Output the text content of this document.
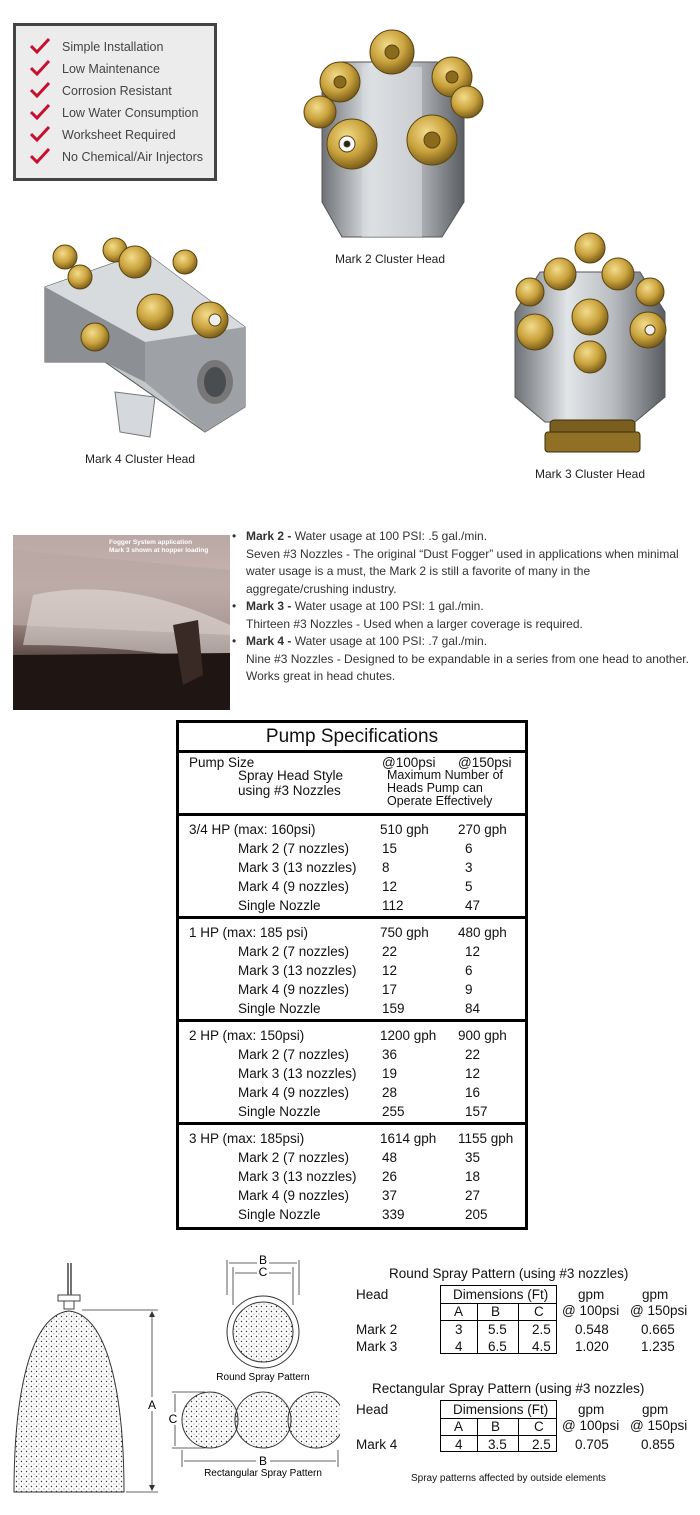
Simple Installation
Low Maintenance
Corrosion Resistant
Low Water Consumption
Worksheet Required
No Chemical/Air Injectors
Mark 2 Cluster Head
Mark 4 Cluster Head
Mark 3 Cluster Head
Fogger System application
Mark 3 shown at hopper loading
• Mark 2 - Water usage at 100 PSI: .5 gal./min.
Seven #3 Nozzles - The original “Dust Fogger” used in applications when minimal water usage is a must, the Mark 2 is still a favorite of many in the aggregate/crushing industry.
• Mark 3 - Water usage at 100 PSI: 1 gal./min.
Thirteen #3 Nozzles - Used when a larger coverage is required.
• Mark 4 - Water usage at 100 PSI: .7 gal./min.
Nine #3 Nozzles - Designed to be expandable in a series from one head to another. Works great in head chutes.
Pump Specifications
Pump Size
Spray Head Style
using #3 Nozzles
@100psi @150psi
Maximum Number of
Heads Pump can
Operate Effectively
3/4 HP (max: 160psi)	510 gph 270 gph
Mark 2 (7 nozzles) 15	6
Mark 3 (13 nozzles) 8	3
Mark 4 (9 nozzles) 12	5
Single Nozzle	112	47
1 HP (max: 185 psi)	750 gph 480 gph
Mark 2 (7 nozzles) 22	12
Mark 3 (13 nozzles) 12	6
Mark 4 (9 nozzles) 17	9
Single Nozzle	159	84
2 HP (max: 150psi)	1200 gph 900 gph
Mark 2 (7 nozzles) 36	22
Mark 3 (13 nozzles) 19	12
Mark 4 (9 nozzles) 28	16
Single Nozzle	255	157
3 HP (max: 185psi)	1614 gph 1155 gph
Mark 2 (7 nozzles) 48	35
Mark 3 (13 nozzles) 26	18
Mark 4 (9 nozzles) 37	27
Single Nozzle	339	205
A
B
C
Round Spray Pattern
C
B
Rectangular Spray Pattern
Round Spray Pattern (using #3 nozzles)
Head	Dimensions (Ft)
A B	C
gpm	gpm
@ 100psi @ 150psi
Mark 2	3 5.5 2.5 0.548 0.665
Mark 3	4 6.5 4.5 1.020 1.235
Rectangular Spray Pattern (using #3 nozzles)
Head	Dimensions (Ft)
A B	C
gpm	gpm
@ 100psi @ 150psi
Mark 4	4 3.5 2.5 0.705 0.855
Spray patterns affected by outside elements
